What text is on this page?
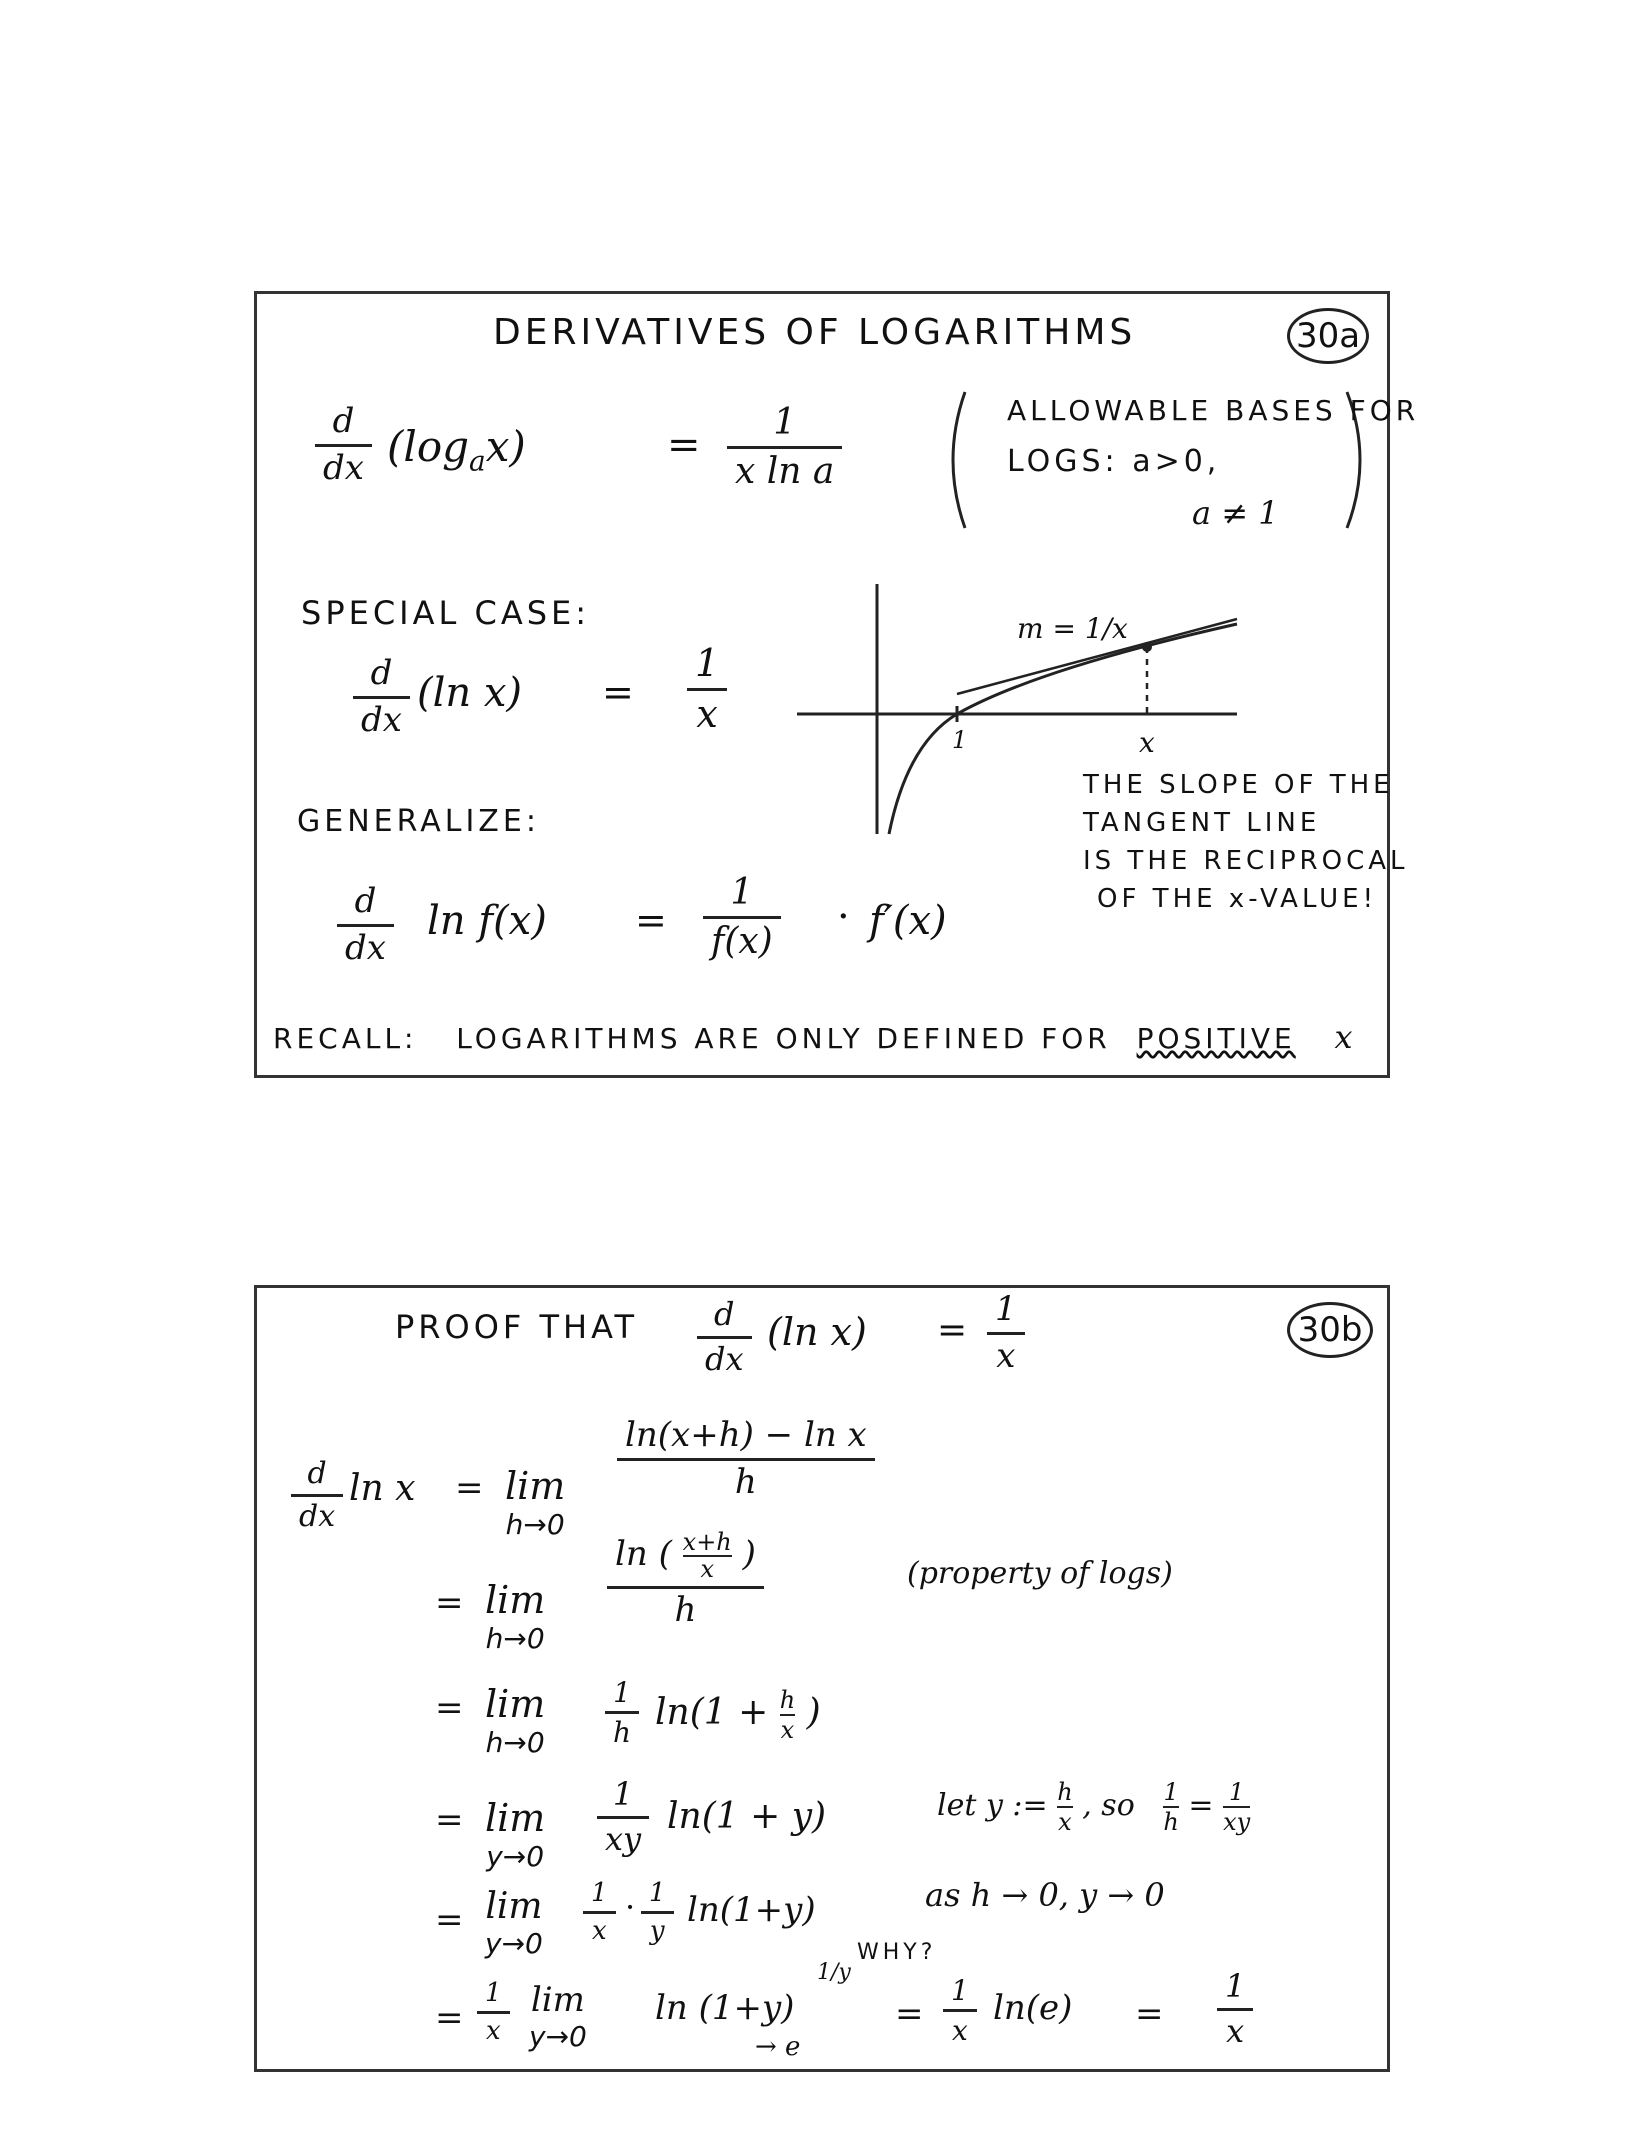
DERIVATIVES OF LOGARITHMS	30a
d
dx $(\log_ax)$	= 1
x ln a
ALLOWABLE BASES FOR
LOGS: a>0,
a ≠ 1
SPECIAL CASE:
d
dx
(ln x) =
1
x
m = 1/x
1	x
THE SLOPE OF THE
TANGENT LINE
IS THE RECIPROCAL
OF THE x-VALUE!
GENERALIZE:
d
dx
ln f(x) =
1
f(x)
· f′(x)
RECALL: LOGARITHMS ARE ONLY DEFINED FOR POSITIVE x
PROOF THAT d
dx
(ln x) =
1
x
30b
d
dx
ln x = lim
h→0
ln(x+h) − ln x
h
= lim
h→0
ln ( $\frac{x+h}{x}$ )
h
(property of logs)
= lim
h→0
1
h $\ln(1 + \frac{h}{x}$ )
= lim
y→0
1
xy
ln(1 + y)	let y := $\frac{h}{x}$ , so $\frac{1}{h} = \frac{1}{xy}$
= lim
y→0
1
x
· 1
y
ln(1+y)	as h → 0, y → 0
=
1
x
lim
y→0
ln (1+y)
1/y
WHY?
→ e
=
1
x
ln(e) =
1
x
